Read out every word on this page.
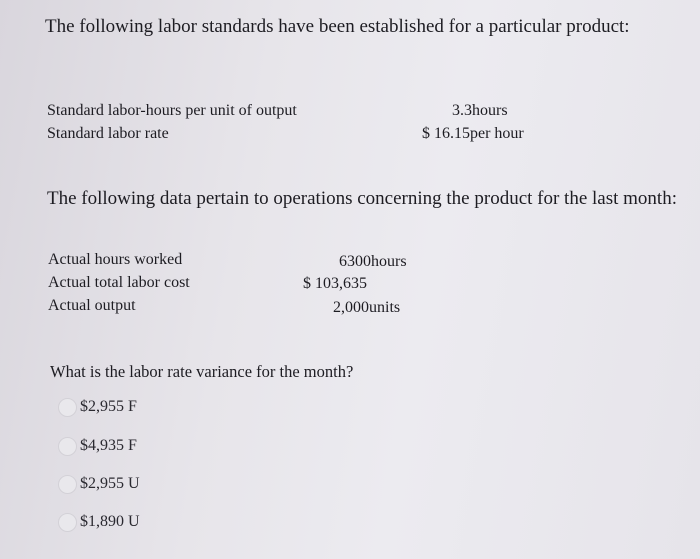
The following labor standards have been established for a particular product:
Standard labor-hours per unit of output	3.3hours
Standard labor rate	$ 16.15per hour
The following data pertain to operations concerning the product for the last month:
Actual hours worked	6300hours
Actual total labor cost	$ 103,635
Actual output	2,000units
What is the labor rate variance for the month?
$2,955 F
$4,935 F
$2,955 U
$1,890 U
